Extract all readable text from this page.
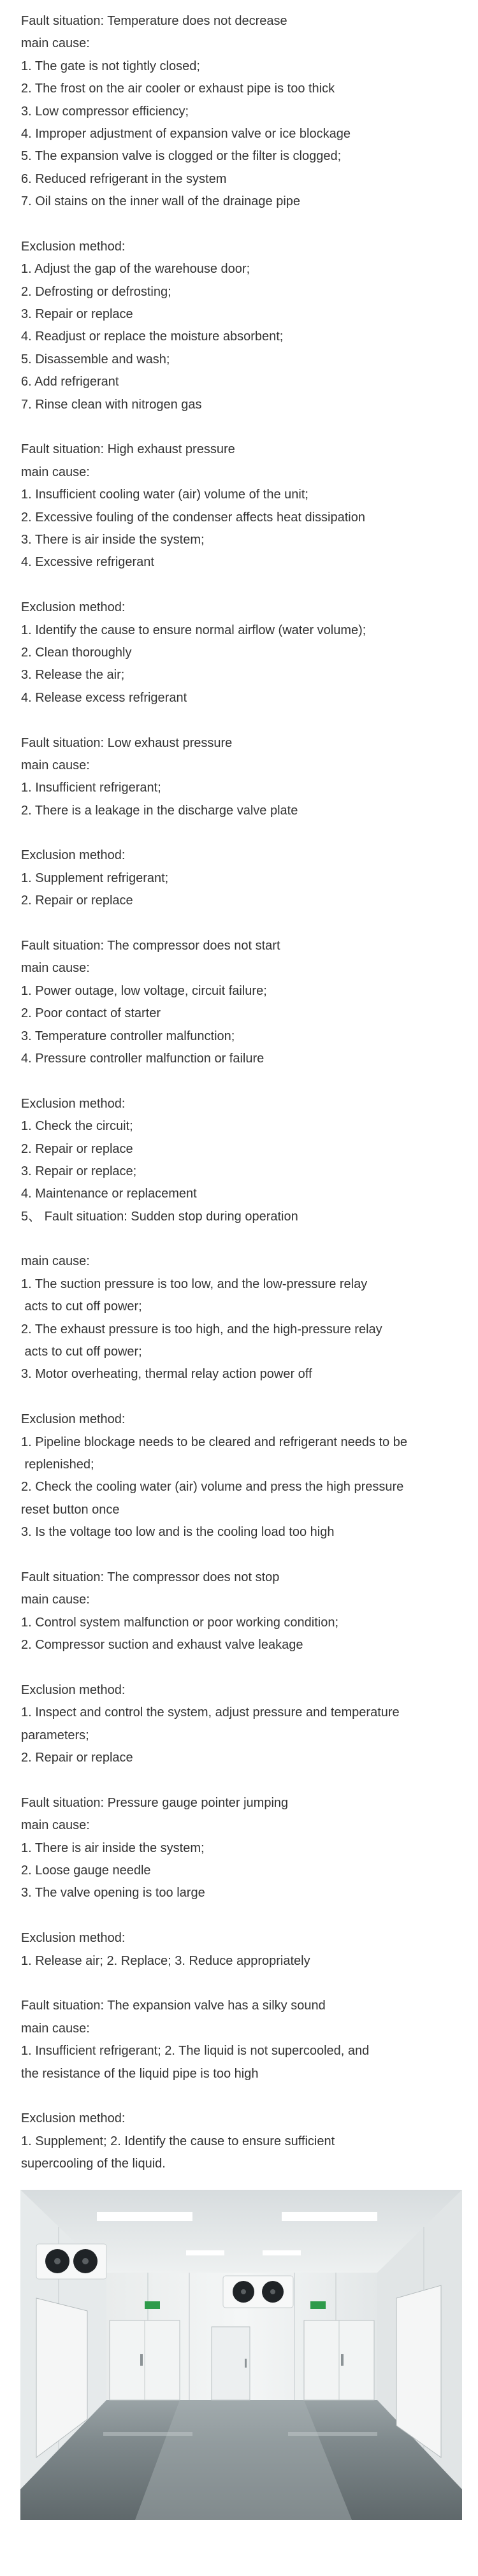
Fault situation: Temperature does not decrease
main cause:
1. The gate is not tightly closed;
2. The frost on the air cooler or exhaust pipe is too thick
3. Low compressor efficiency;
4. Improper adjustment of expansion valve or ice blockage
5. The expansion valve is clogged or the filter is clogged;
6. Reduced refrigerant in the system
7. Oil stains on the inner wall of the drainage pipe
Exclusion method:
1. Adjust the gap of the warehouse door;
2. Defrosting or defrosting;
3. Repair or replace
4. Readjust or replace the moisture absorbent;
5. Disassemble and wash;
6. Add refrigerant
7. Rinse clean with nitrogen gas
Fault situation: High exhaust pressure
main cause:
1. Insufficient cooling water (air) volume of the unit;
2. Excessive fouling of the condenser affects heat dissipation
3. There is air inside the system;
4. Excessive refrigerant
Exclusion method:
1. Identify the cause to ensure normal airflow (water volume);
2. Clean thoroughly
3. Release the air;
4. Release excess refrigerant
Fault situation: Low exhaust pressure
main cause:
1. Insufficient refrigerant;
2. There is a leakage in the discharge valve plate
Exclusion method:
1. Supplement refrigerant;
2. Repair or replace
Fault situation: The compressor does not start
main cause:
1. Power outage, low voltage, circuit failure;
2. Poor contact of starter
3. Temperature controller malfunction;
4. Pressure controller malfunction or failure
Exclusion method:
1. Check the circuit;
2. Repair or replace
3. Repair or replace;
4. Maintenance or replacement
5、 Fault situation: Sudden stop during operation
main cause:
1. The suction pressure is too low, and the low-pressure relay
acts to cut off power;
2. The exhaust pressure is too high, and the high-pressure relay
acts to cut off power;
3. Motor overheating, thermal relay action power off
Exclusion method:
1. Pipeline blockage needs to be cleared and refrigerant needs to be
replenished;
2. Check the cooling water (air) volume and press the high pressure
reset button once
3. Is the voltage too low and is the cooling load too high
Fault situation: The compressor does not stop
main cause:
1. Control system malfunction or poor working condition;
2. Compressor suction and exhaust valve leakage
Exclusion method:
1. Inspect and control the system, adjust pressure and temperature
parameters;
2. Repair or replace
Fault situation: Pressure gauge pointer jumping
main cause:
1. There is air inside the system;
2. Loose gauge needle
3. The valve opening is too large
Exclusion method:
1. Release air; 2. Replace; 3. Reduce appropriately
Fault situation: The expansion valve has a silky sound
main cause:
1. Insufficient refrigerant; 2. The liquid is not supercooled, and
the resistance of the liquid pipe is too high
Exclusion method:
1. Supplement; 2. Identify the cause to ensure sufficient
supercooling of the liquid.
